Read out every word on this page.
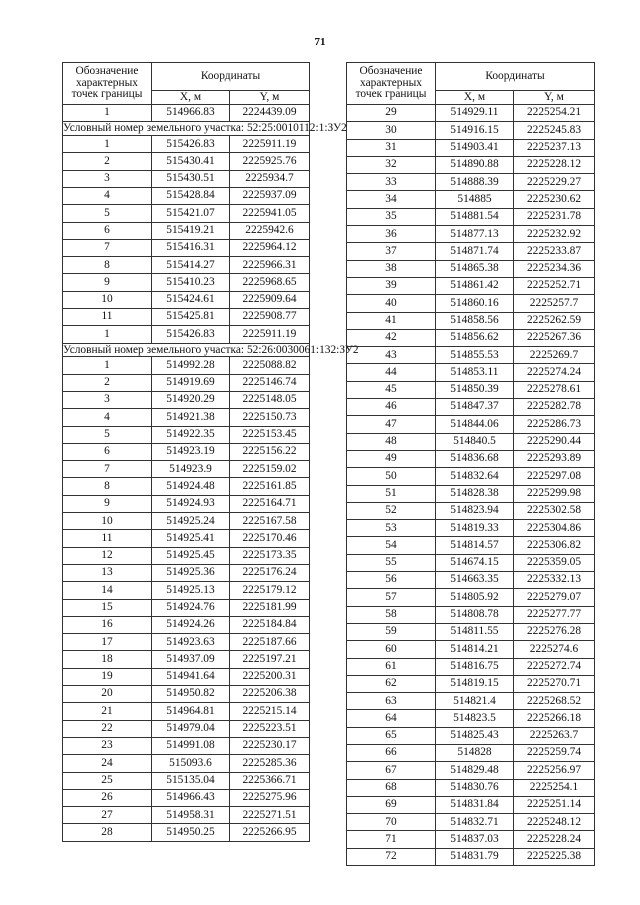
71
Обозначение характерных точек границы	Координаты	
	X, м	Y, м
1	514966.83	2224439.09
Условный номер земельного участка: 52:25:0010112:1:ЗУ2		
1	515426.83	2225911.19
2	515430.41	2225925.76
3	515430.51	2225934.7
4	515428.84	2225937.09
5	515421.07	2225941.05
6	515419.21	2225942.6
7	515416.31	2225964.12
8	515414.27	2225966.31
9	515410.23	2225968.65
10	515424.61	2225909.64
11	515425.81	2225908.77
1	515426.83	2225911.19
Условный номер земельного участка: 52:26:0030061:132:ЗУ2		
1	514992.28	2225088.82
2	514919.69	2225146.74
3	514920.29	2225148.05
4	514921.38	2225150.73
5	514922.35	2225153.45
6	514923.19	2225156.22
7	514923.9	2225159.02
8	514924.48	2225161.85
9	514924.93	2225164.71
10	514925.24	2225167.58
11	514925.41	2225170.46
12	514925.45	2225173.35
13	514925.36	2225176.24
14	514925.13	2225179.12
15	514924.76	2225181.99
16	514924.26	2225184.84
17	514923.63	2225187.66
18	514937.09	2225197.21
19	514941.64	2225200.31
20	514950.82	2225206.38
21	514964.81	2225215.14
22	514979.04	2225223.51
23	514991.08	2225230.17
24	515093.6	2225285.36
25	515135.04	2225366.71
26	514966.43	2225275.96
27	514958.31	2225271.51
28	514950.25	2225266.95
Обозначение характерных точек границы	Координаты	
	X, м	Y, м
29	514929.11	2225254.21
30	514916.15	2225245.83
31	514903.41	2225237.13
32	514890.88	2225228.12
33	514888.39	2225229.27
34	514885	2225230.62
35	514881.54	2225231.78
36	514877.13	2225232.92
37	514871.74	2225233.87
38	514865.38	2225234.36
39	514861.42	2225252.71
40	514860.16	2225257.7
41	514858.56	2225262.59
42	514856.62	2225267.36
43	514855.53	2225269.7
44	514853.11	2225274.24
45	514850.39	2225278.61
46	514847.37	2225282.78
47	514844.06	2225286.73
48	514840.5	2225290.44
49	514836.68	2225293.89
50	514832.64	2225297.08
51	514828.38	2225299.98
52	514823.94	2225302.58
53	514819.33	2225304.86
54	514814.57	2225306.82
55	514674.15	2225359.05
56	514663.35	2225332.13
57	514805.92	2225279.07
58	514808.78	2225277.77
59	514811.55	2225276.28
60	514814.21	2225274.6
61	514816.75	2225272.74
62	514819.15	2225270.71
63	514821.4	2225268.52
64	514823.5	2225266.18
65	514825.43	2225263.7
66	514828	2225259.74
67	514829.48	2225256.97
68	514830.76	2225254.1
69	514831.84	2225251.14
70	514832.71	2225248.12
71	514837.03	2225228.24
72	514831.79	2225225.38
